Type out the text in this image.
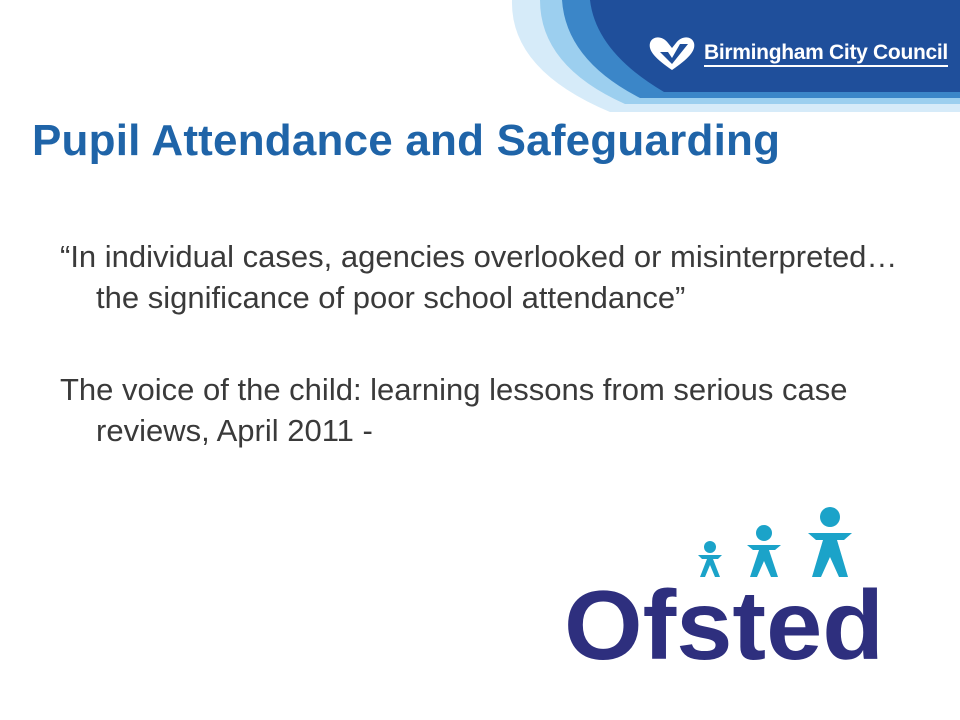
Birmingham City Council
Pupil Attendance and Safeguarding

“In individual cases, agencies overlooked or misinterpreted… the significance of poor school attendance”

The voice of the child: learning lessons from serious case reviews, April 2011 -

Ofsted
